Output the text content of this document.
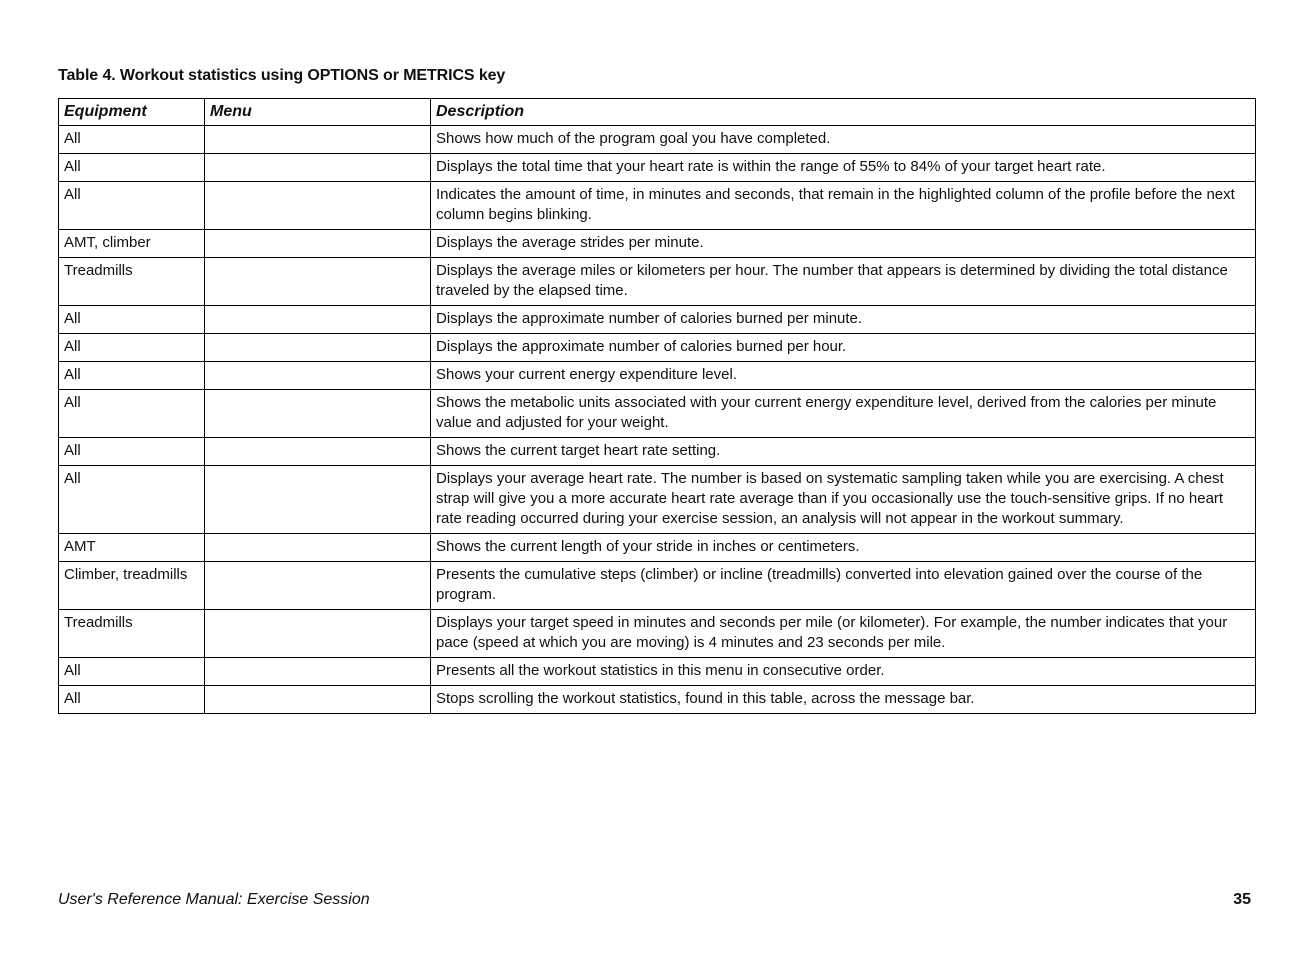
Table 4. Workout statistics using OPTIONS or METRICS key
Equipment	Menu	Description
All		Shows how much of the program goal you have completed.
All		Displays the total time that your heart rate is within the range of 55% to 84% of your target heart rate.
All		Indicates the amount of time, in minutes and seconds, that remain in the highlighted column of the profile before the next column begins blinking.
AMT, climber		Displays the average strides per minute.
Treadmills		Displays the average miles or kilometers per hour. The number that appears is determined by dividing the total distance traveled by the elapsed time.
All		Displays the approximate number of calories burned per minute.
All		Displays the approximate number of calories burned per hour.
All		Shows your current energy expenditure level.
All		Shows the metabolic units associated with your current energy expenditure level, derived from the calories per minute value and adjusted for your weight.
All		Shows the current target heart rate setting.
All		Displays your average heart rate. The number is based on systematic sampling taken while you are exercising. A chest strap will give you a more accurate heart rate average than if you occasionally use the touch-sensitive grips. If no heart rate reading occurred during your exercise session, an analysis will not appear in the workout summary.
AMT		Shows the current length of your stride in inches or centimeters.
Climber, treadmills		Presents the cumulative steps (climber) or incline (treadmills) converted into elevation gained over the course of the program.
Treadmills		Displays your target speed in minutes and seconds per mile (or kilometer). For example, the number indicates that your pace (speed at which you are moving) is 4 minutes and 23 seconds per mile.
All		Presents all the workout statistics in this menu in consecutive order.
All		Stops scrolling the workout statistics, found in this table, across the message bar.
User's Reference Manual: Exercise Session	35
